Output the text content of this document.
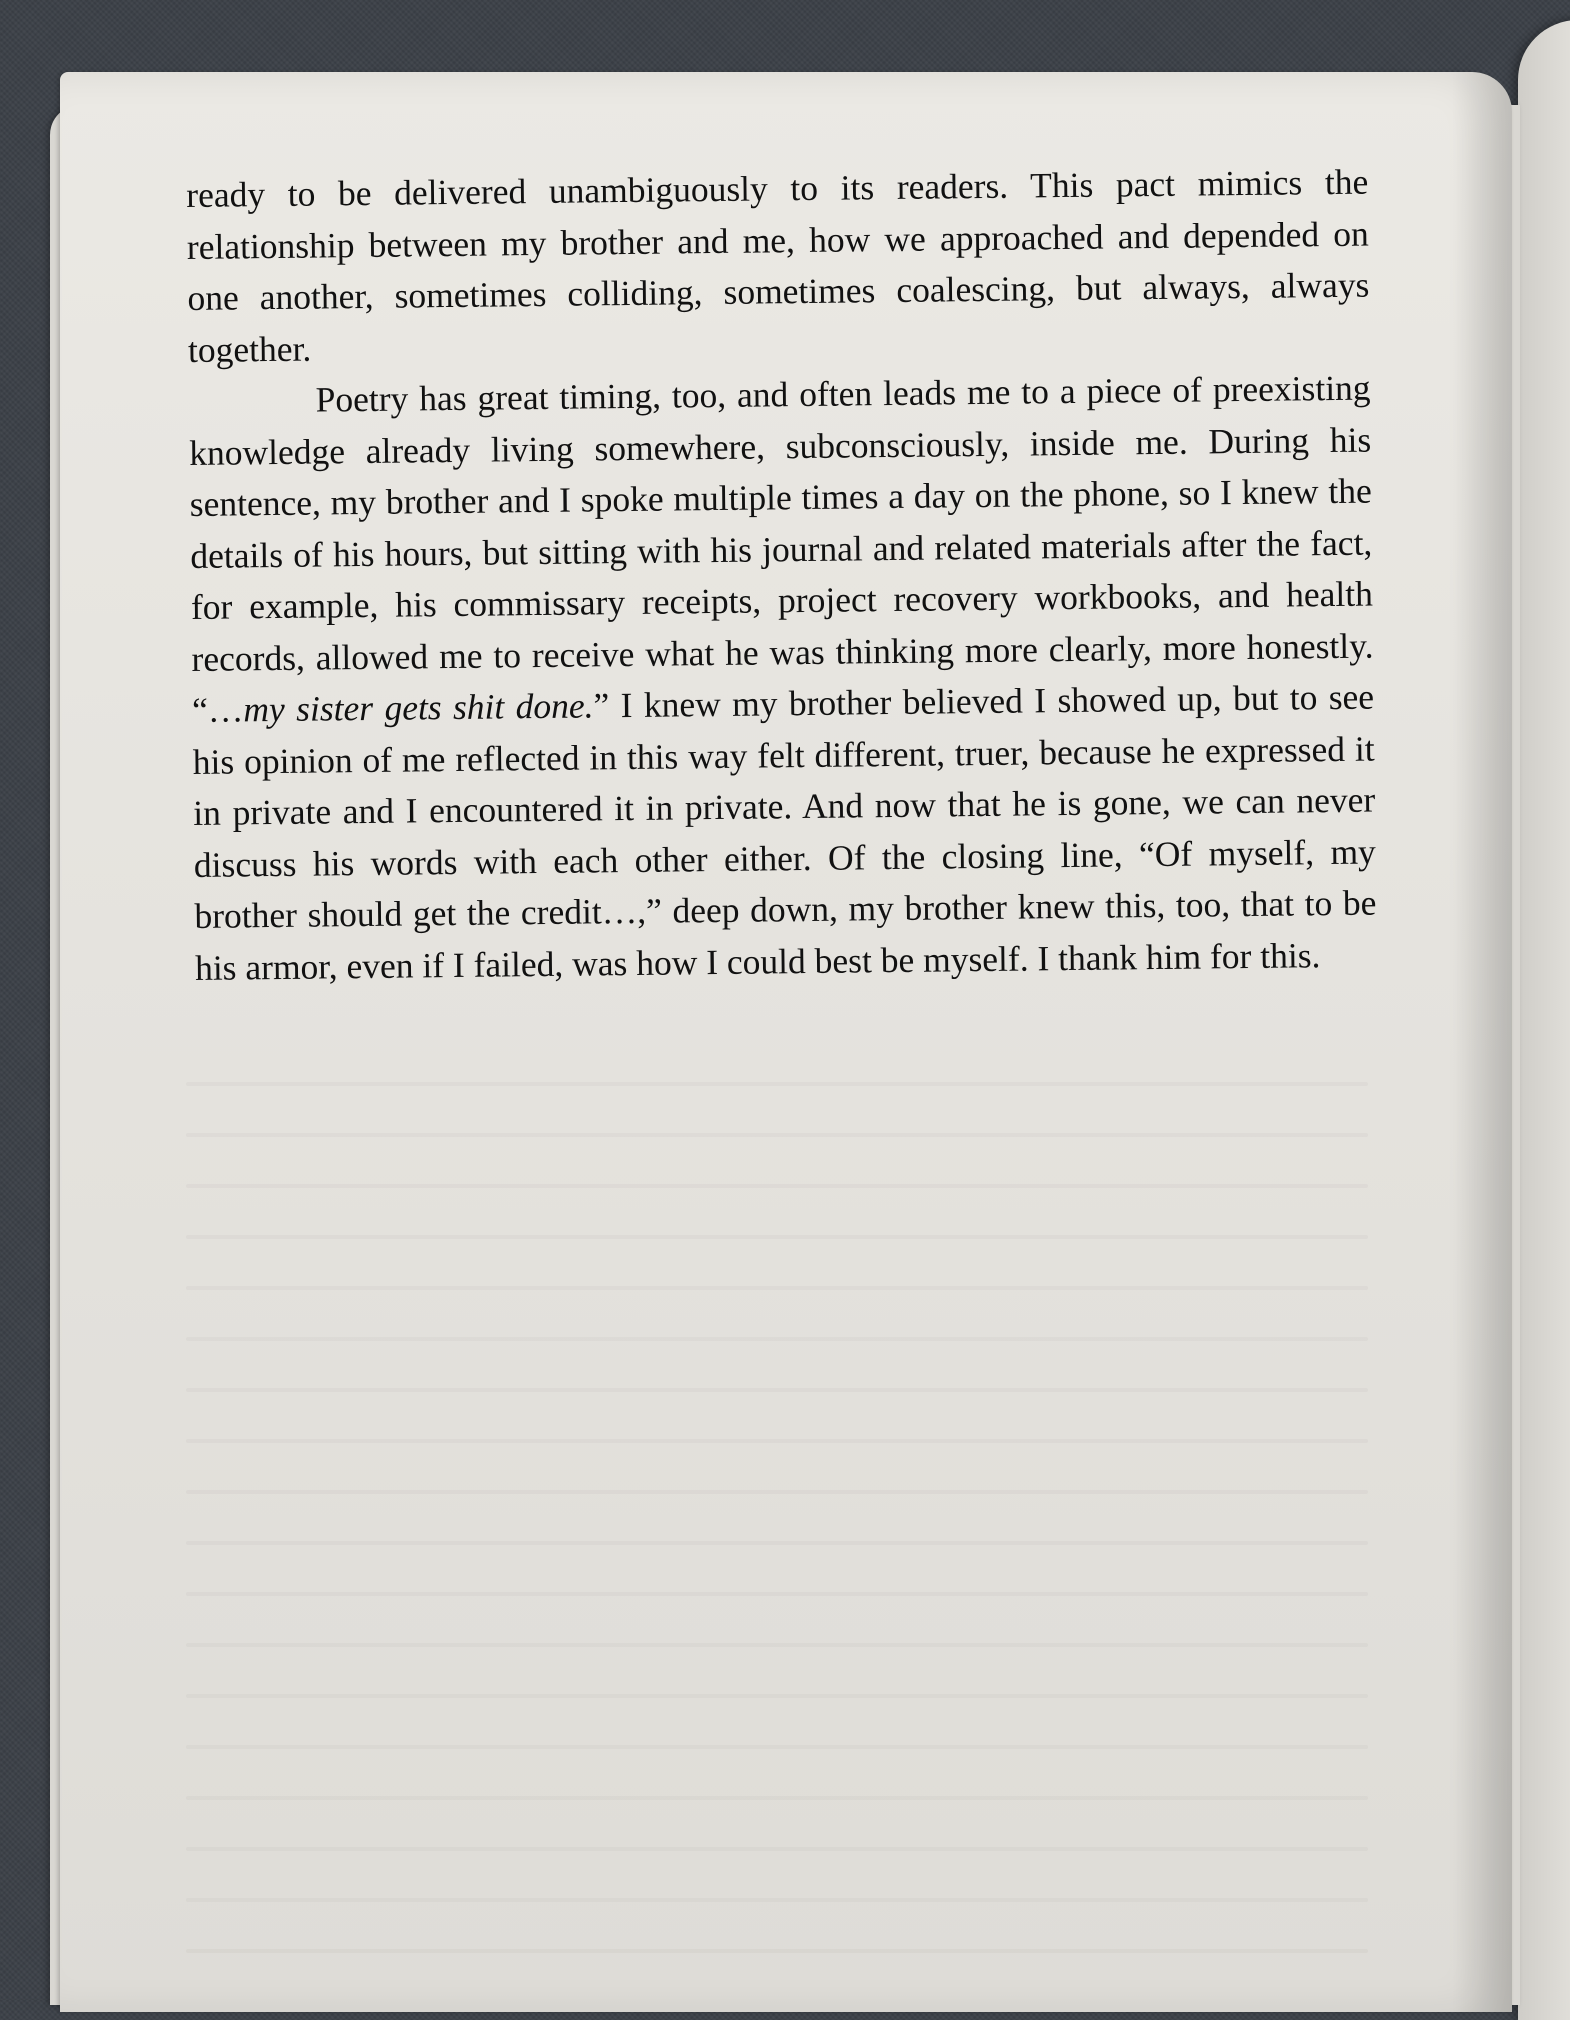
ready to be delivered unambiguously to its readers. This pact mimics the relationship between my brother and me, how we approached and depended on one another, sometimes colliding, sometimes coalescing, but always, always together.

Poetry has great timing, too, and often leads me to a piece of preexisting knowledge already living somewhere, subconsciously, inside me. During his sentence, my brother and I spoke multiple times a day on the phone, so I knew the details of his hours, but sitting with his journal and related materials after the fact, for example, his commissary receipts, project recovery workbooks, and health records, allowed me to receive what he was thinking more clearly, more honestly. “…my sister gets shit done.” I knew my brother believed I showed up, but to see his opinion of me reflected in this way felt different, truer, because he expressed it in private and I encountered it in private. And now that he is gone, we can never discuss his words with each other either. Of the closing line, “Of myself, my brother should get the credit…,” deep down, my brother knew this, too, that to be his armor, even if I failed, was how I could best be myself. I thank him for this.
